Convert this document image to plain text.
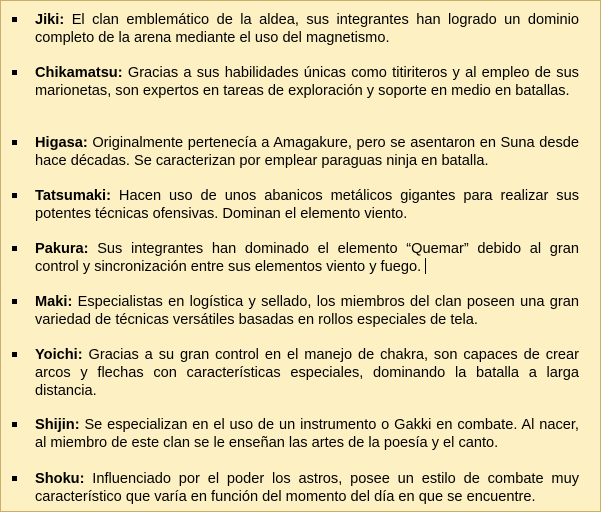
Jiki: El clan emblemático de la aldea, sus integrantes han logrado un dominio completo de la arena mediante el uso del magnetismo.

Chikamatsu: Gracias a sus habilidades únicas como titiriteros y al empleo de sus marionetas, son expertos en tareas de exploración y soporte en medio en batallas.

Higasa: Originalmente pertenecía a Amagakure, pero se asentaron en Suna desde hace décadas. Se caracterizan por emplear paraguas ninja en batalla.

Tatsumaki: Hacen uso de unos abanicos metálicos gigantes para realizar sus potentes técnicas ofensivas. Dominan el elemento viento.

Pakura: Sus integrantes han dominado el elemento “Quemar” debido al gran control y sincronización entre sus elementos viento y fuego.

Maki: Especialistas en logística y sellado, los miembros del clan poseen una gran variedad de técnicas versátiles basadas en rollos especiales de tela.

Yoichi: Gracias a su gran control en el manejo de chakra, son capaces de crear arcos y flechas con características especiales, dominando la batalla a larga distancia.

Shijin: Se especializan en el uso de un instrumento o Gakki en combate. Al nacer, al miembro de este clan se le enseñan las artes de la poesía y el canto.

Shoku: Influenciado por el poder los astros, posee un estilo de combate muy característico que varía en función del momento del día en que se encuentre.
